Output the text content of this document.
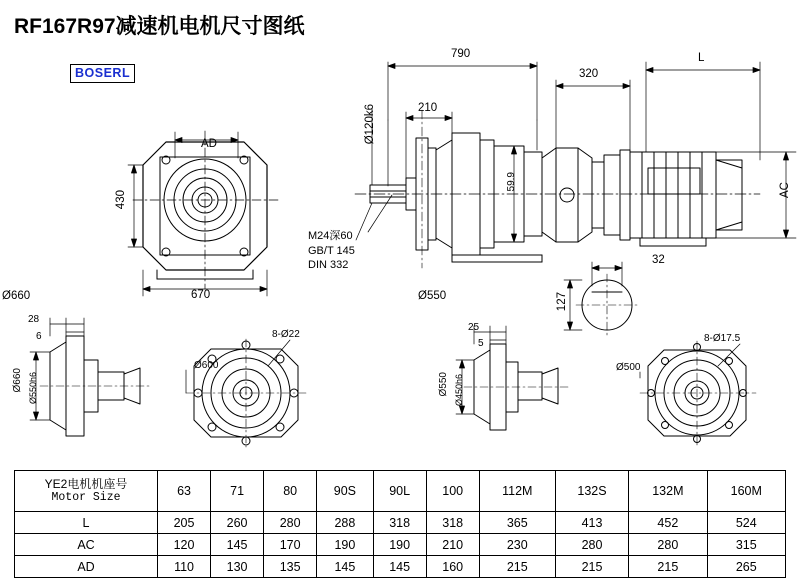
RF167R97减速机电机尺寸图纸
BOSERL
AD
430
670
790
210
320
L
Ø120k6
59.9	AC
32
127
M24深60
GB/T 145
DIN 332
Ø660
Ø660 Ø550h6
28
6
Ø600
8-Ø22
Ø550
Ø550 Ø450h6
25
5
Ø500
8-Ø17.5
YE2电机机座号
Motor Size	63	71	80	90S	90L	100	112M	132S	132M	160M
L	205	260	280	288	318	318	365	413	452	524
AC	120	145	170	190	190	210	230	280	280	315
AD	110	130	135	145	145	160	215	215	215	265
